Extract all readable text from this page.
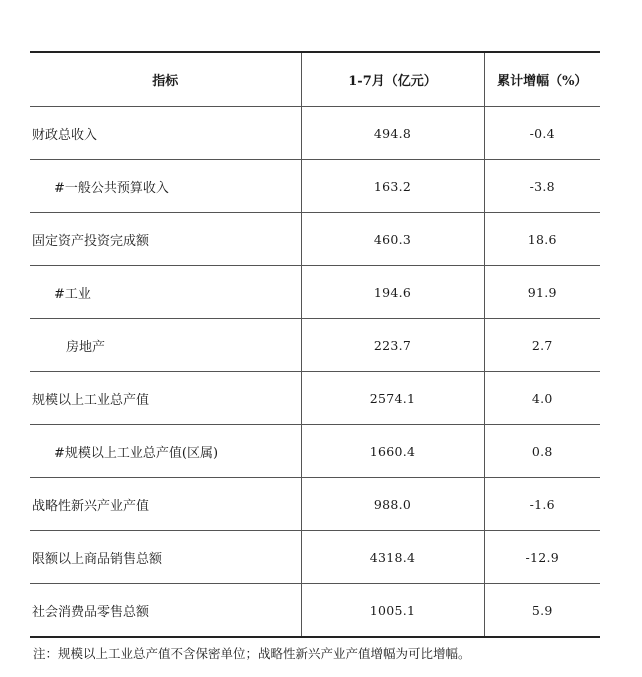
指标	1-7月（亿元）	累计增幅（%）
财政总收入	494.8	-0.4
#一般公共预算收入	163.2	-3.8
固定资产投资完成额	460.3	18.6
#工业	194.6	91.9
房地产	223.7	2.7
规模以上工业总产值	2574.1	4.0
#规模以上工业总产值(区属)	1660.4	0.8
战略性新兴产业产值	988.0	-1.6
限额以上商品销售总额	4318.4	-12.9
社会消费品零售总额	1005.1	5.9
注：规模以上工业总产值不含保密单位；战略性新兴产业产值增幅为可比增幅。
